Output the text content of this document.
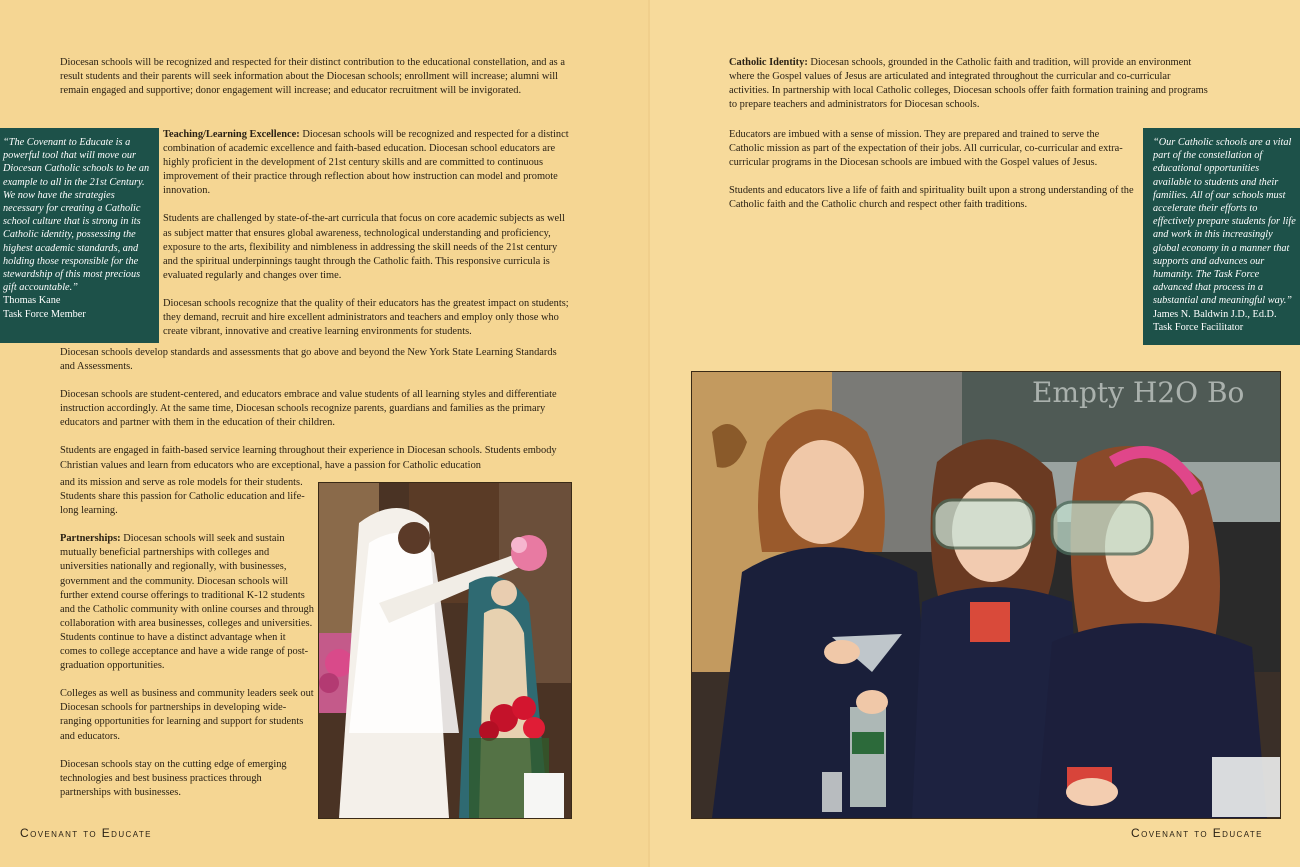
Diocesan schools will be recognized and respected for their distinct contribution to the educational constellation, and as a result students and their parents will seek information about the Diocesan schools; enrollment will increase; alumni will remain engaged and supportive; donor engagement will increase; and educator recruitment will be invigorated.

“The Covenant to Educate is a powerful tool that will move our Diocesan Catholic schools to be an example to all in the 21st Century. We now have the strategies necessary for creating a Catholic school culture that is strong in its Catholic identity, possessing the highest academic standards, and holding those responsible for the stewardship of this most precious gift accountable.”
Thomas Kane
Task Force Member

Teaching/Learning Excellence: Diocesan schools will be recognized and respected for a distinct combination of academic excellence and faith-based education. Diocesan school educators are highly proficient in the development of 21st century skills and are committed to continuous improvement of their practice through reflection about how instruction can model and promote innovation.

Students are challenged by state-of-the-art curricula that focus on core academic subjects as well as subject matter that ensures global awareness, technological understanding and proficiency, exposure to the arts, flexibility and nimbleness in addressing the skill needs of the 21st century and the spiritual underpinnings taught through the Catholic faith. This responsive curricula is evaluated regularly and changes over time.

Diocesan schools recognize that the quality of their educators has the greatest impact on students; they demand, recruit and hire excellent administrators and teachers and employ only those who create vibrant, innovative and creative learning environments for students.

Diocesan schools develop standards and assessments that go above and beyond the New York State Learning Standards and Assessments.

Diocesan schools are student-centered, and educators embrace and value students of all learning styles and differentiate instruction accordingly. At the same time, Diocesan schools recognize parents, guardians and families as the primary educators and partner with them in the education of their children.

Students are engaged in faith-based service learning throughout their experience in Diocesan schools. Students embody Christian values and learn from educators who are exceptional, have a passion for Catholic education

and its mission and serve as role models for their students. Students share this passion for Catholic education and life-long learning.

Partnerships: Diocesan schools will seek and sustain mutually beneficial partnerships with colleges and universities nationally and regionally, with businesses, government and the community. Diocesan schools will further extend course offerings to traditional K-12 students and the Catholic community with online courses and through collaboration with area businesses, colleges and universities. Students continue to have a distinct advantage when it comes to college acceptance and have a wide range of post-graduation opportunities.

Colleges as well as business and community leaders seek out Diocesan schools for partnerships in developing wide-ranging opportunities for learning and support for students and educators.

Diocesan schools stay on the cutting edge of emerging technologies and best business practices through partnerships with businesses.

Covenant to Educate

Catholic Identity: Diocesan schools, grounded in the Catholic faith and tradition, will provide an environment where the Gospel values of Jesus are articulated and integrated throughout the curricular and co-curricular activities. In partnership with local Catholic colleges, Diocesan schools offer faith formation training and programs to prepare teachers and administrators for Diocesan schools.

Educators are imbued with a sense of mission. They are prepared and trained to serve the Catholic mission as part of the expectation of their jobs. All curricular, co-curricular and extra-curricular programs in the Diocesan schools are imbued with the Gospel values of Jesus.

Students and educators live a life of faith and spirituality built upon a strong understanding of the Catholic faith and the Catholic church and respect other faith traditions.

“Our Catholic schools are a vital part of the constellation of educational opportunities available to students and their families. All of our schools must accelerate their efforts to effectively prepare students for life and work in this increasingly global economy in a manner that supports and advances our humanity. The Task Force advanced that process in a substantial and meaningful way.”
James N. Baldwin J.D., Ed.D.
Task Force Facilitator
Empty H2O Bo
Covenant to Educate
